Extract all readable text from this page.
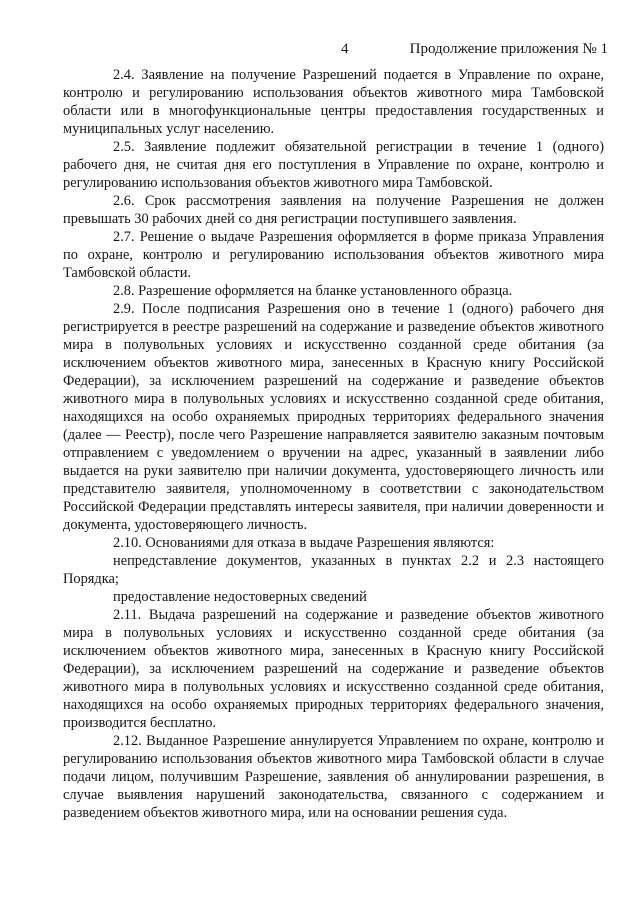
4	Продолжение приложения № 1

2.4. Заявление на получение Разрешений подается в Управление по охране, контролю и регулированию использования объектов животного мира Тамбовской области или в многофункциональные центры предоставления государственных и муниципальных услуг населению.

2.5. Заявление подлежит обязательной регистрации в течение 1 (одного) рабочего дня, не считая дня его поступления в Управление по охране, контролю и регулированию использования объектов животного мира Тамбовской.

2.6. Срок рассмотрения заявления на получение Разрешения не должен превышать 30 рабочих дней со дня регистрации поступившего заявления.

2.7. Решение о выдаче Разрешения оформляется в форме приказа Управления по охране, контролю и регулированию использования объектов животного мира Тамбовской области.

2.8. Разрешение оформляется на бланке установленного образца.

2.9. После подписания Разрешения оно в течение 1 (одного) рабочего дня регистрируется в реестре разрешений на содержание и разведение объектов животного мира в полувольных условиях и искусственно созданной среде обитания (за исключением объектов животного мира, занесенных в Красную книгу Российской Федерации), за исключением разрешений на содержание и разведение объектов животного мира в полувольных условиях и искусственно созданной среде обитания, находящихся на особо охраняемых природных территориях федерального значения (далее — Реестр), после чего Разрешение направляется заявителю заказным почтовым отправлением с уведомлением о вручении на адрес, указанный в заявлении либо выдается на руки заявителю при наличии документа, удостоверяющего личность или представителю заявителя, уполномоченному в соответствии с законодательством Российской Федерации представлять интересы заявителя, при наличии доверенности и документа, удостоверяющего личность.

2.10. Основаниями для отказа в выдаче Разрешения являются:

непредставление документов, указанных в пунктах 2.2 и 2.3 настоящего Порядка;

предоставление недостоверных сведений

2.11. Выдача разрешений на содержание и разведение объектов животного мира в полувольных условиях и искусственно созданной среде обитания (за исключением объектов животного мира, занесенных в Красную книгу Российской Федерации), за исключением разрешений на содержание и разведение объектов животного мира в полувольных условиях и искусственно созданной среде обитания, находящихся на особо охраняемых природных территориях федерального значения, производится бесплатно.

2.12. Выданное Разрешение аннулируется Управлением по охране, контролю и регулированию использования объектов животного мира Тамбовской области в случае подачи лицом, получившим Разрешение, заявления об аннулировании разрешения, в случае выявления нарушений законодательства, связанного с содержанием и разведением объектов животного мира, или на основании решения суда.
